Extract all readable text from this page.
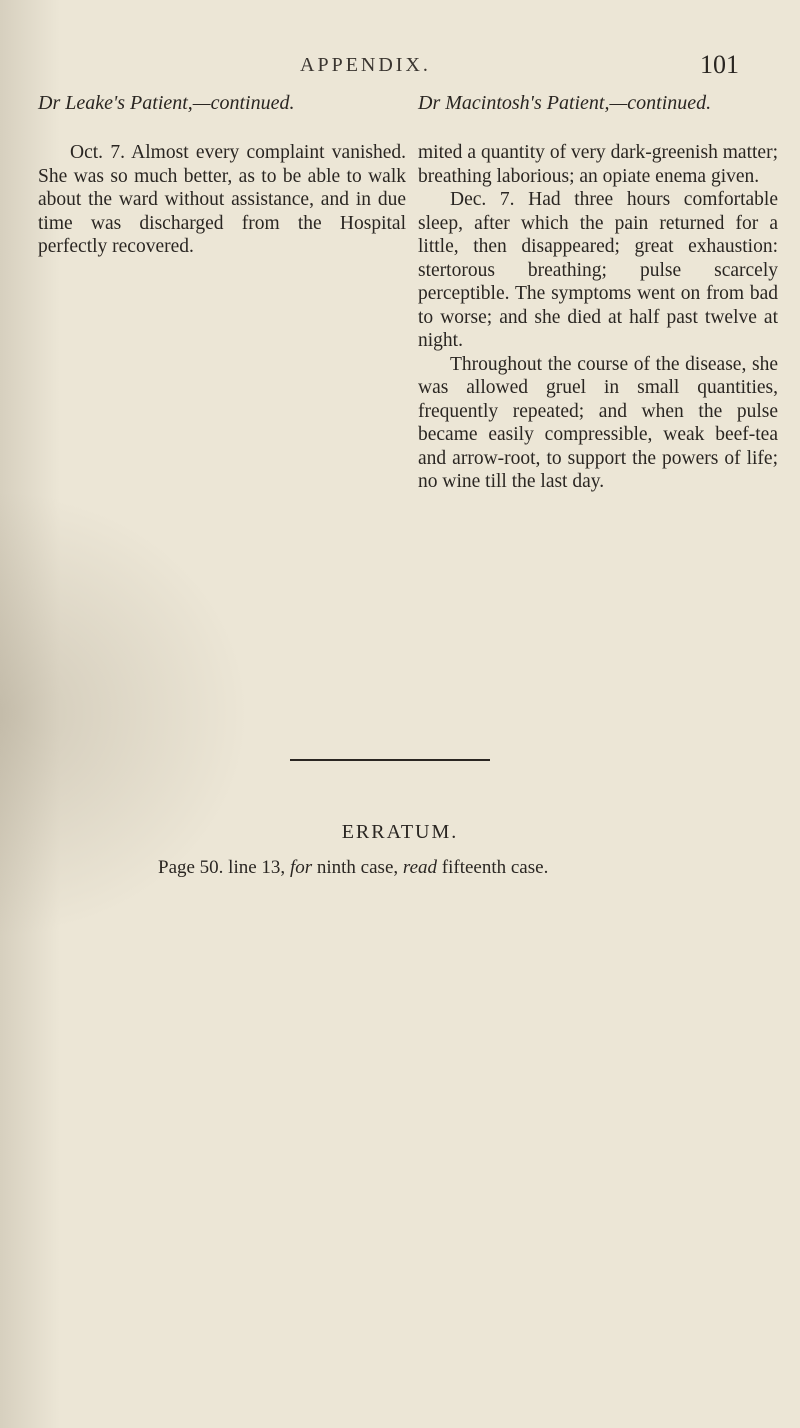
APPENDIX.	101
Dr Leake's Patient,—continued.	Dr Macintosh's Patient,—continued.

Oct. 7. Almost every complaint vanished. She was so much better, as to be able to walk about the ward without assistance, and in due time was discharged from the Hospital perfectly recovered.

mited a quantity of very dark-greenish matter; breathing laborious; an opiate enema given.

Dec. 7. Had three hours comfortable sleep, after which the pain returned for a little, then disappeared; great exhaustion: stertorous breathing; pulse scarcely perceptible. The symptoms went on from bad to worse; and she died at half past twelve at night.

Throughout the course of the disease, she was allowed gruel in small quantities, frequently repeated; and when the pulse became easily compressible, weak beef-tea and arrow-root, to support the powers of life; no wine till the last day.

ERRATUM.
Page 50. line 13, for ninth case, read fifteenth case.
